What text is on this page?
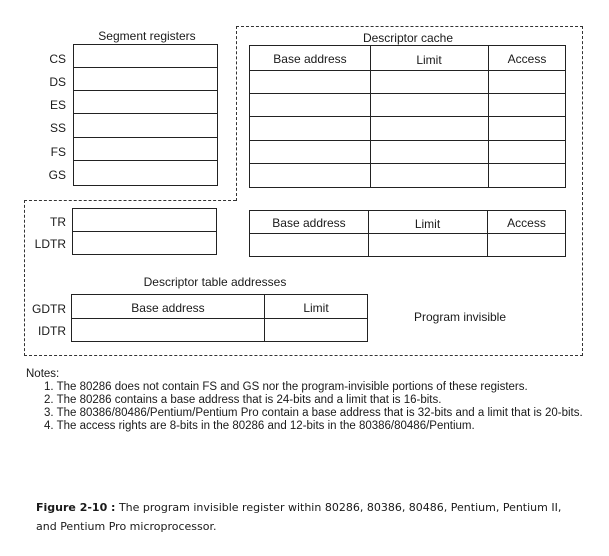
Segment registers
CS
DS
ES
SS
FS
GS
Descriptor cache
Base address	Limit	Access
TR
LDTR
Base address	Limit	Access
Descriptor table addresses
GDTR
IDTR
Base address	Limit
Program invisible
Notes:
1. The 80286 does not contain FS and GS nor the program-invisible portions of these registers.
2. The 80286 contains a base address that is 24-bits and a limit that is 16-bits.
3. The 80386/80486/Pentium/Pentium Pro contain a base address that is 32-bits and a limit that is 20-bits.
4. The access rights are 8-bits in the 80286 and 12-bits in the 80386/80486/Pentium.
Figure 2-10 : The program invisible register within 80286, 80386, 80486, Pentium, Pentium II,
and Pentium Pro microprocessor.
